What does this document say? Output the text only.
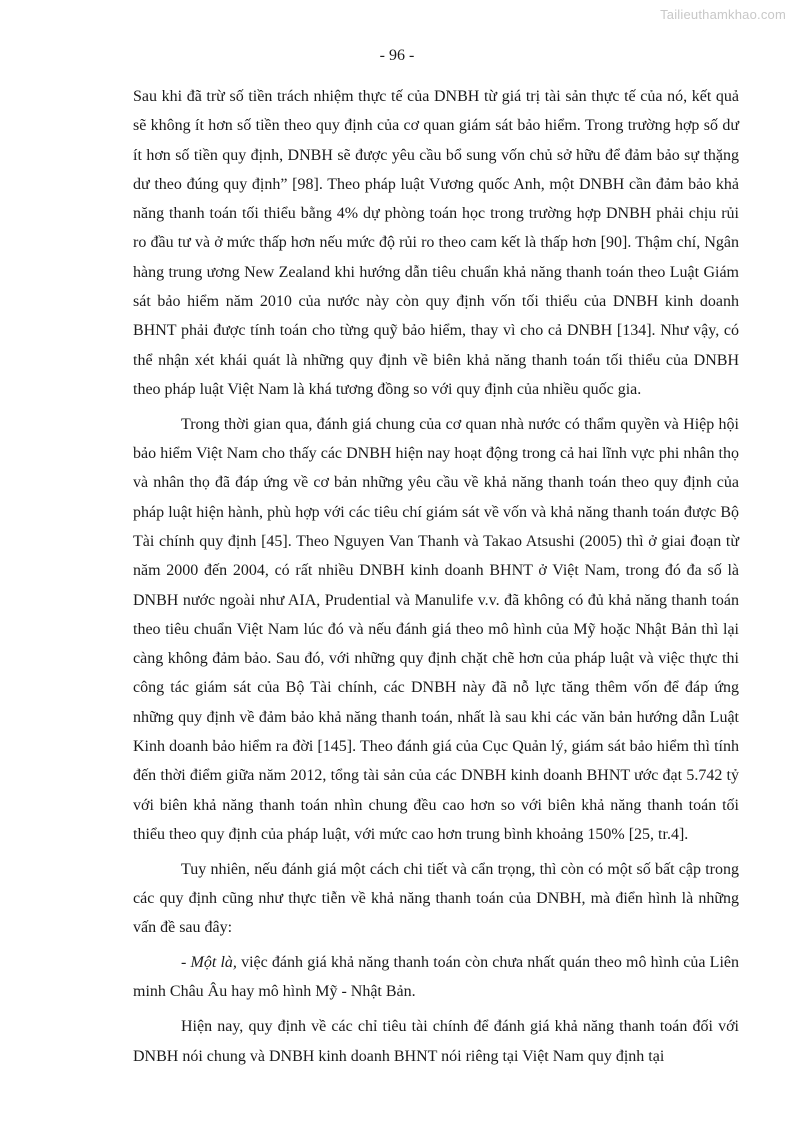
Tailieuthamkhao.com
- 96 -

Sau khi đã trừ số tiền trách nhiệm thực tế của DNBH từ giá trị tài sản thực tế của nó, kết quả sẽ không ít hơn số tiền theo quy định của cơ quan giám sát bảo hiểm. Trong trường hợp số dư ít hơn số tiền quy định, DNBH sẽ được yêu cầu bổ sung vốn chủ sở hữu để đảm bảo sự thặng dư theo đúng quy định” [98]. Theo pháp luật Vương quốc Anh, một DNBH cần đảm bảo khả năng thanh toán tối thiểu bằng 4% dự phòng toán học trong trường hợp DNBH phải chịu rủi ro đầu tư và ở mức thấp hơn nếu mức độ rủi ro theo cam kết là thấp hơn [90]. Thậm chí, Ngân hàng trung ương New Zealand khi hướng dẫn tiêu chuẩn khả năng thanh toán theo Luật Giám sát bảo hiểm năm 2010 của nước này còn quy định vốn tối thiểu của DNBH kinh doanh BHNT phải được tính toán cho từng quỹ bảo hiểm, thay vì cho cả DNBH [134]. Như vậy, có thể nhận xét khái quát là những quy định về biên khả năng thanh toán tối thiểu của DNBH theo pháp luật Việt Nam là khá tương đồng so với quy định của nhiều quốc gia.

Trong thời gian qua, đánh giá chung của cơ quan nhà nước có thẩm quyền và Hiệp hội bảo hiểm Việt Nam cho thấy các DNBH hiện nay hoạt động trong cả hai lĩnh vực phi nhân thọ và nhân thọ đã đáp ứng về cơ bản những yêu cầu về khả năng thanh toán theo quy định của pháp luật hiện hành, phù hợp với các tiêu chí giám sát về vốn và khả năng thanh toán được Bộ Tài chính quy định [45]. Theo Nguyen Van Thanh và Takao Atsushi (2005) thì ở giai đoạn từ năm 2000 đến 2004, có rất nhiều DNBH kinh doanh BHNT ở Việt Nam, trong đó đa số là DNBH nước ngoài như AIA, Prudential và Manulife v.v. đã không có đủ khả năng thanh toán theo tiêu chuẩn Việt Nam lúc đó và nếu đánh giá theo mô hình của Mỹ hoặc Nhật Bản thì lại càng không đảm bảo. Sau đó, với những quy định chặt chẽ hơn của pháp luật và việc thực thi công tác giám sát của Bộ Tài chính, các DNBH này đã nỗ lực tăng thêm vốn để đáp ứng những quy định về đảm bảo khả năng thanh toán, nhất là sau khi các văn bản hướng dẫn Luật Kinh doanh bảo hiểm ra đời [145]. Theo đánh giá của Cục Quản lý, giám sát bảo hiểm thì tính đến thời điểm giữa năm 2012, tổng tài sản của các DNBH kinh doanh BHNT ước đạt 5.742 tỷ với biên khả năng thanh toán nhìn chung đều cao hơn so với biên khả năng thanh toán tối thiểu theo quy định của pháp luật, với mức cao hơn trung bình khoảng 150% [25, tr.4].

Tuy nhiên, nếu đánh giá một cách chi tiết và cẩn trọng, thì còn có một số bất cập trong các quy định cũng như thực tiễn về khả năng thanh toán của DNBH, mà điển hình là những vấn đề sau đây:

- Một là, việc đánh giá khả năng thanh toán còn chưa nhất quán theo mô hình của Liên minh Châu Âu hay mô hình Mỹ - Nhật Bản.

Hiện nay, quy định về các chỉ tiêu tài chính để đánh giá khả năng thanh toán đối với DNBH nói chung và DNBH kinh doanh BHNT nói riêng tại Việt Nam quy định tại
